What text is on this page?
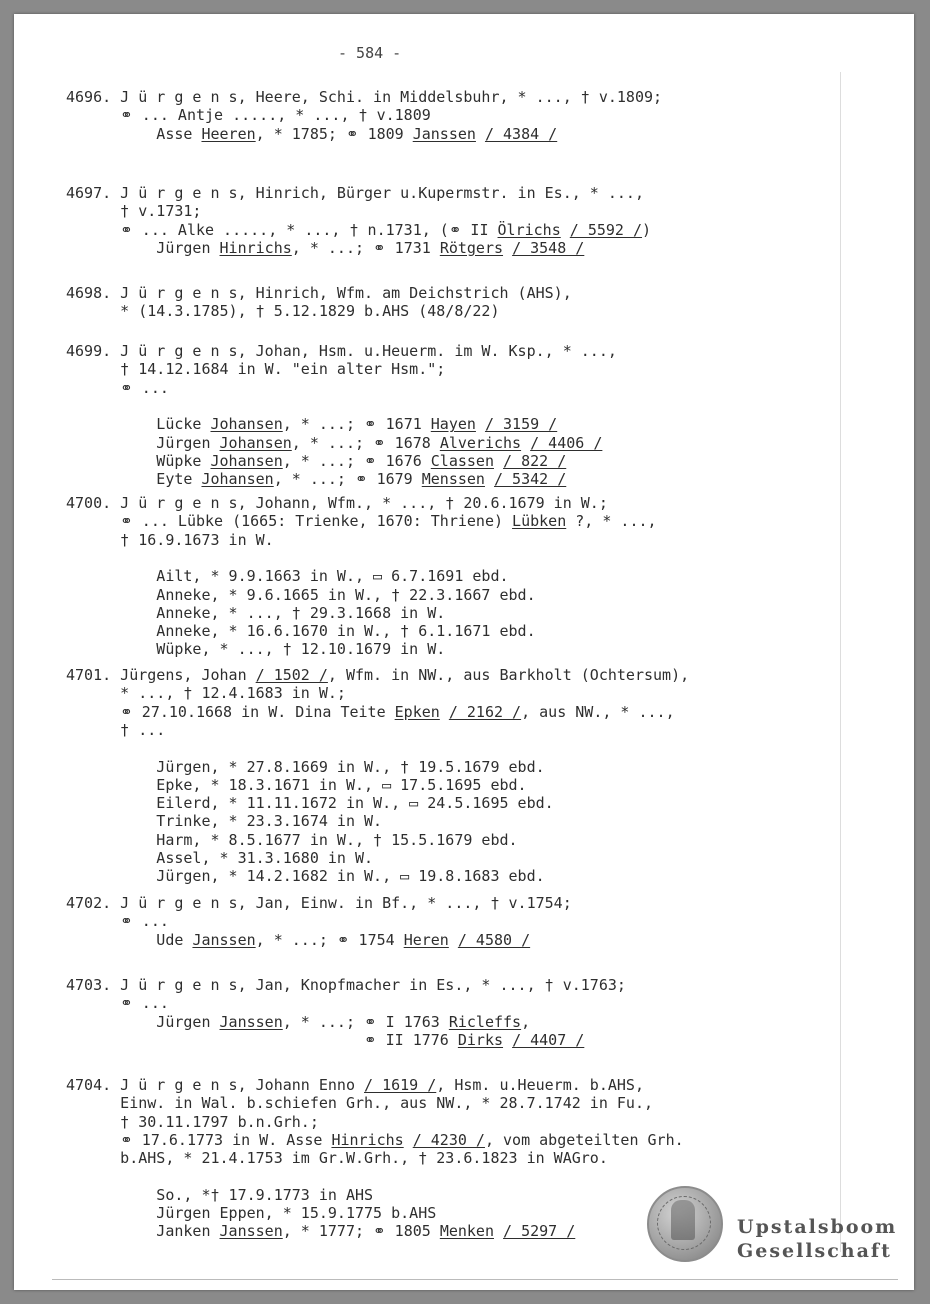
- 584 -
4696. J ü r g e n s, Heere, Schi. in Middelsbuhr, * ..., † v.1809;
⚭ ... Antje ....., * ..., † v.1809
Asse Heeren, * 1785; ⚭ 1809 Janssen / 4384 /
4697. J ü r g e n s, Hinrich, Bürger u.Kupermstr. in Es., * ...,
† v.1731;
⚭ ... Alke ....., * ..., † n.1731, (⚭ II Ölrichs / 5592 /)
Jürgen Hinrichs, * ...; ⚭ 1731 Rötgers / 3548 /
4698. J ü r g e n s, Hinrich, Wfm. am Deichstrich (AHS),
* (14.3.1785), † 5.12.1829 b.AHS (48/8/22)
4699. J ü r g e n s, Johan, Hsm. u.Heuerm. im W. Ksp., * ...,
† 14.12.1684 in W. "ein alter Hsm.";
⚭ ...
Lücke Johansen, * ...; ⚭ 1671 Hayen / 3159 /
Jürgen Johansen, * ...; ⚭ 1678 Alverichs / 4406 /
Wüpke Johansen, * ...; ⚭ 1676 Classen / 822 /
Eyte Johansen, * ...; ⚭ 1679 Menssen / 5342 /
4700. J ü r g e n s, Johann, Wfm., * ..., † 20.6.1679 in W.;
⚭ ... Lübke (1665: Trienke, 1670: Thriene) Lübken ?, * ...,
† 16.9.1673 in W.
Ailt, * 9.9.1663 in W., ▭ 6.7.1691 ebd.
Anneke, * 9.6.1665 in W., † 22.3.1667 ebd.
Anneke, * ..., † 29.3.1668 in W.
Anneke, * 16.6.1670 in W., † 6.1.1671 ebd.
Wüpke, * ..., † 12.10.1679 in W.
4701. Jürgens, Johan / 1502 /, Wfm. in NW., aus Barkholt (Ochtersum),
* ..., † 12.4.1683 in W.;
⚭ 27.10.1668 in W. Dina Teite Epken / 2162 /, aus NW., * ...,
† ...
Jürgen, * 27.8.1669 in W., † 19.5.1679 ebd.
Epke, * 18.3.1671 in W., ▭ 17.5.1695 ebd.
Eilerd, * 11.11.1672 in W., ▭ 24.5.1695 ebd.
Trinke, * 23.3.1674 in W.
Harm, * 8.5.1677 in W., † 15.5.1679 ebd.
Assel, * 31.3.1680 in W.
Jürgen, * 14.2.1682 in W., ▭ 19.8.1683 ebd.
4702. J ü r g e n s, Jan, Einw. in Bf., * ..., † v.1754;
⚭ ...
Ude Janssen, * ...; ⚭ 1754 Heren / 4580 /
4703. J ü r g e n s, Jan, Knopfmacher in Es., * ..., † v.1763;
⚭ ...
Jürgen Janssen, * ...; ⚭ I 1763 Ricleffs,
⚭ II 1776 Dirks / 4407 /
4704. J ü r g e n s, Johann Enno / 1619 /, Hsm. u.Heuerm. b.AHS,
Einw. in Wal. b.schiefen Grh., aus NW., * 28.7.1742 in Fu.,
† 30.11.1797 b.n.Grh.;
⚭ 17.6.1773 in W. Asse Hinrichs / 4230 /, vom abgeteilten Grh.
b.AHS, * 21.4.1753 im Gr.W.Grh., † 23.6.1823 in WAGro.
So., *† 17.9.1773 in AHS
Jürgen Eppen, * 15.9.1775 b.AHS
Janken Janssen, * 1777; ⚭ 1805 Menken / 5297 /	Upstalsboom
Gesellschaft
